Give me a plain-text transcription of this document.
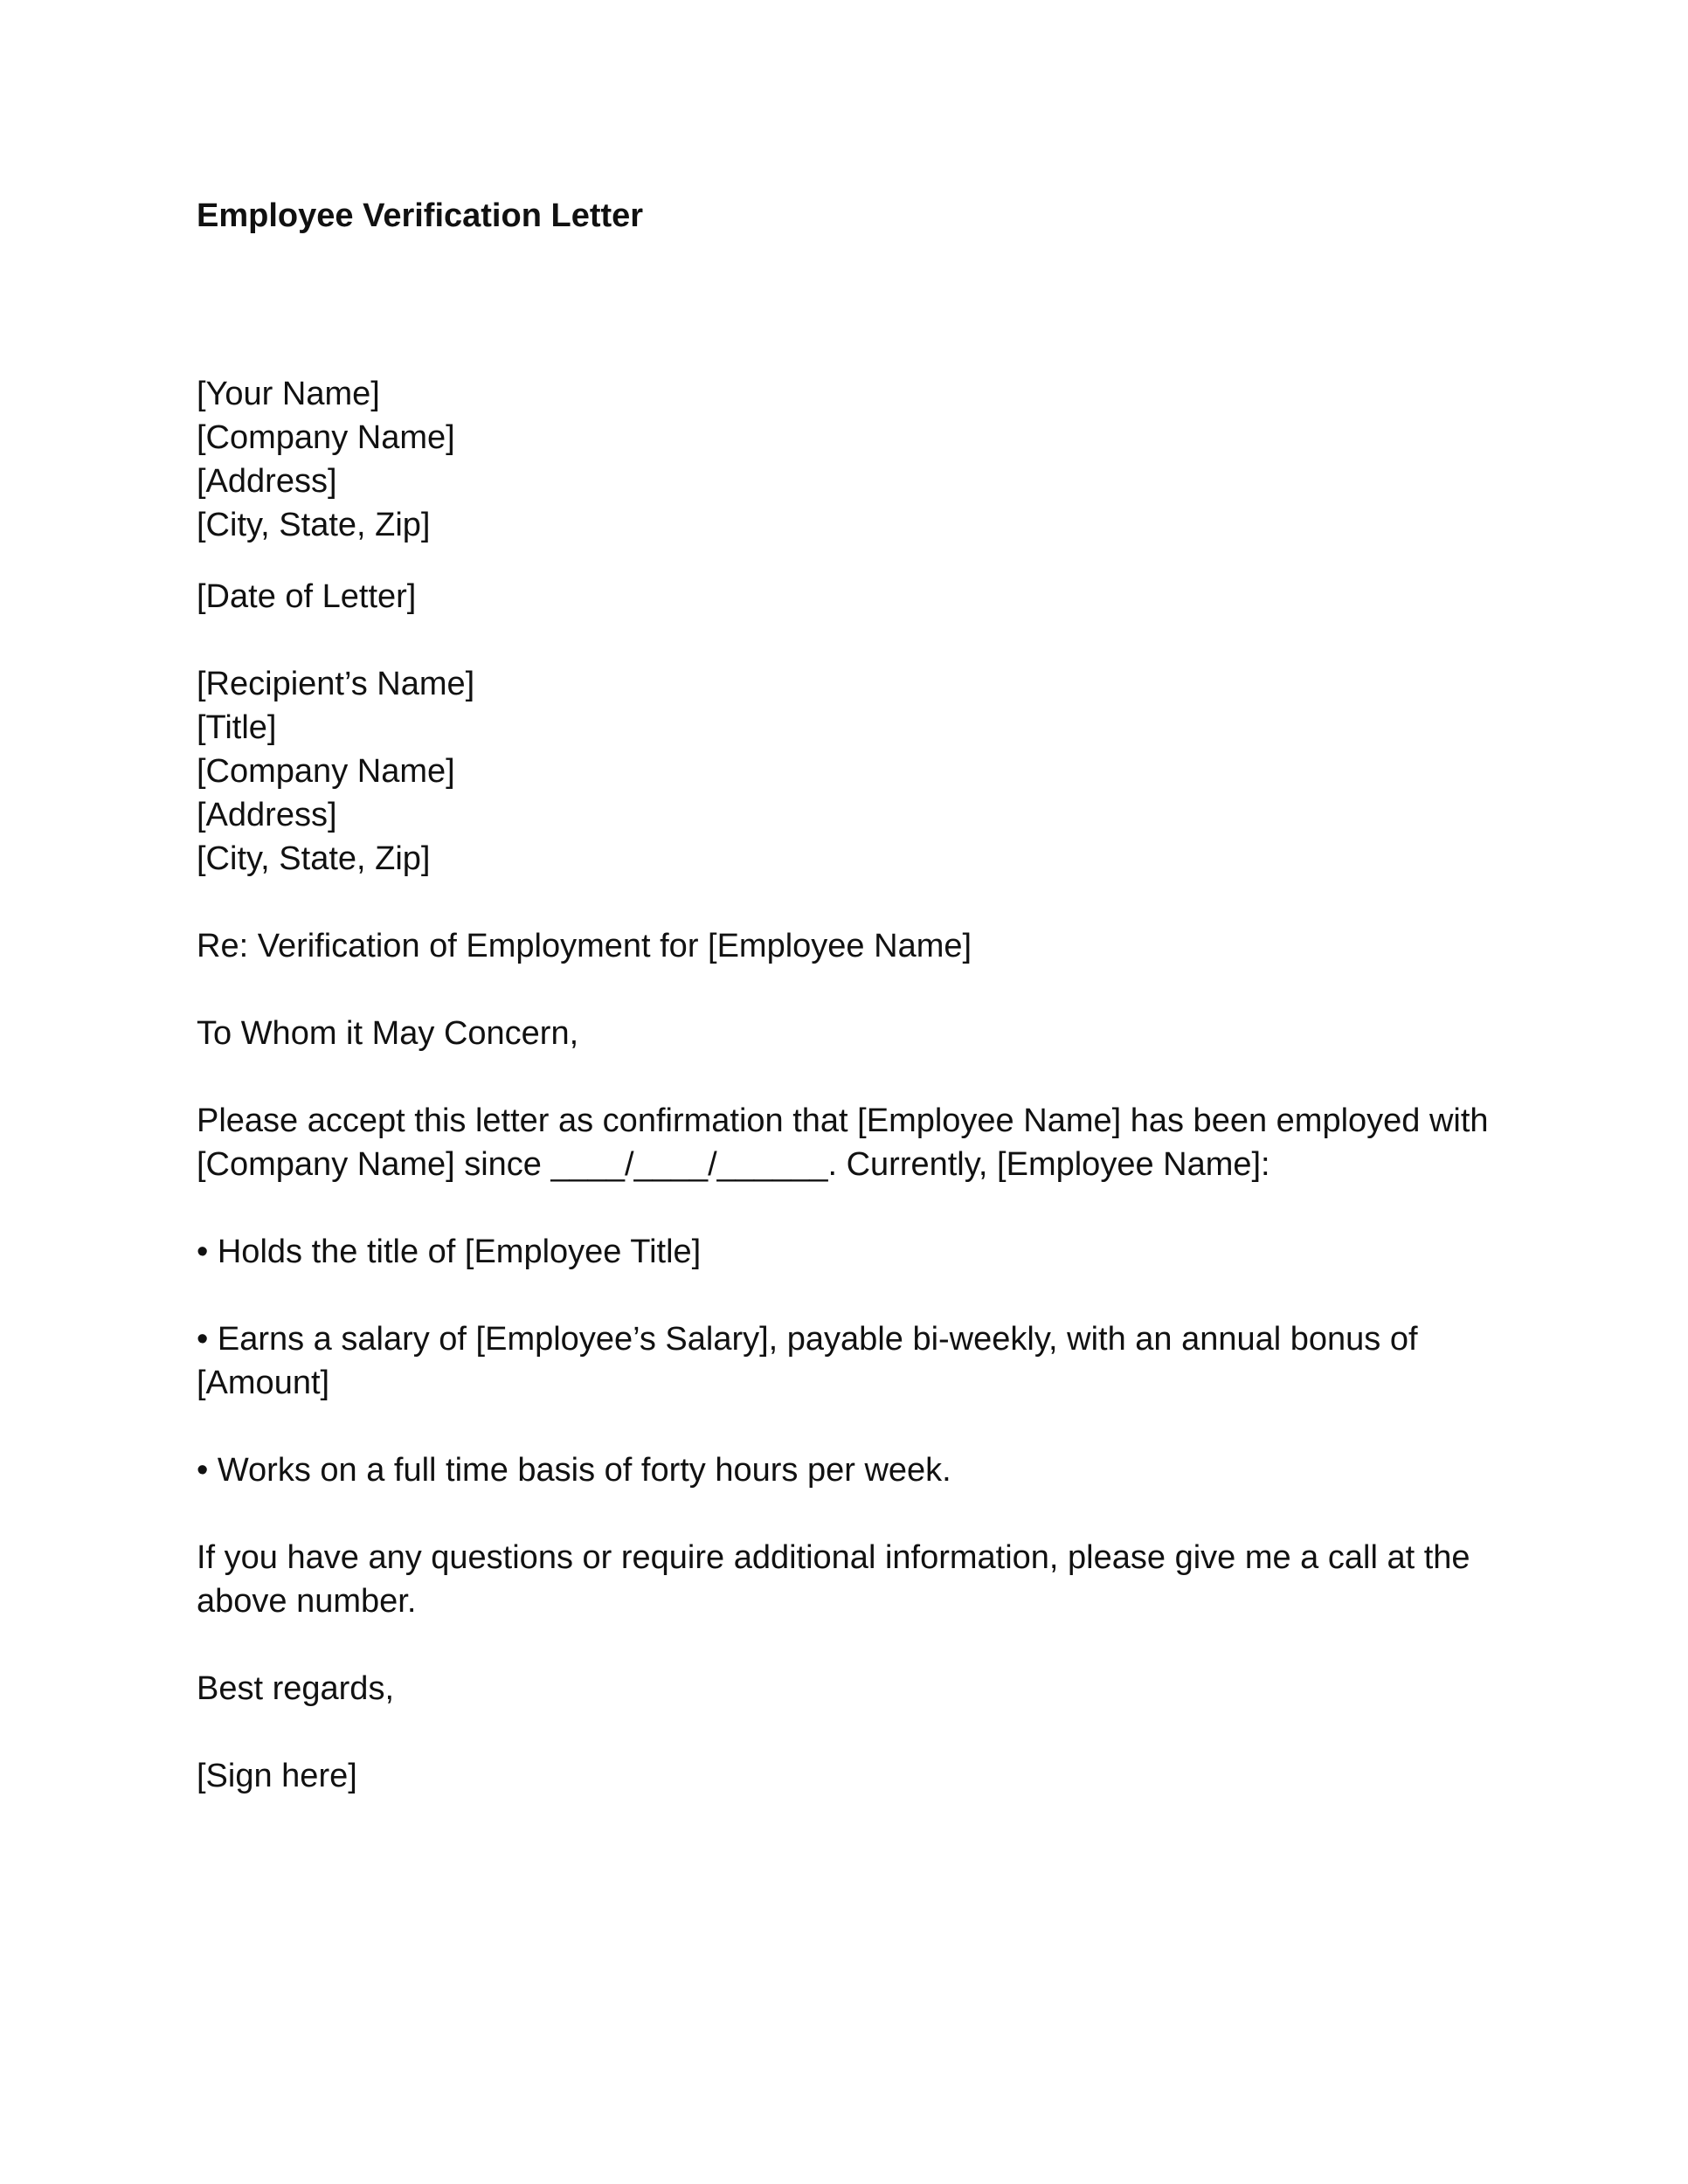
Employee Verification Letter
[Your Name]
[Company Name]
[Address]
[City, State, Zip]
[Date of Letter]
[Recipient’s Name]
[Title]
[Company Name]
[Address]
[City, State, Zip]
Re: Verification of Employment for [Employee Name]
To Whom it May Concern,
Please accept this letter as confirmation that [Employee Name] has been employed with
[Company Name] since ____/____/______. Currently, [Employee Name]:
• Holds the title of [Employee Title]
• Earns a salary of [Employee’s Salary], payable bi-weekly, with an annual bonus of
[Amount]
• Works on a full time basis of forty hours per week.
If you have any questions or require additional information, please give me a call at the
above number.
Best regards,
[Sign here]
